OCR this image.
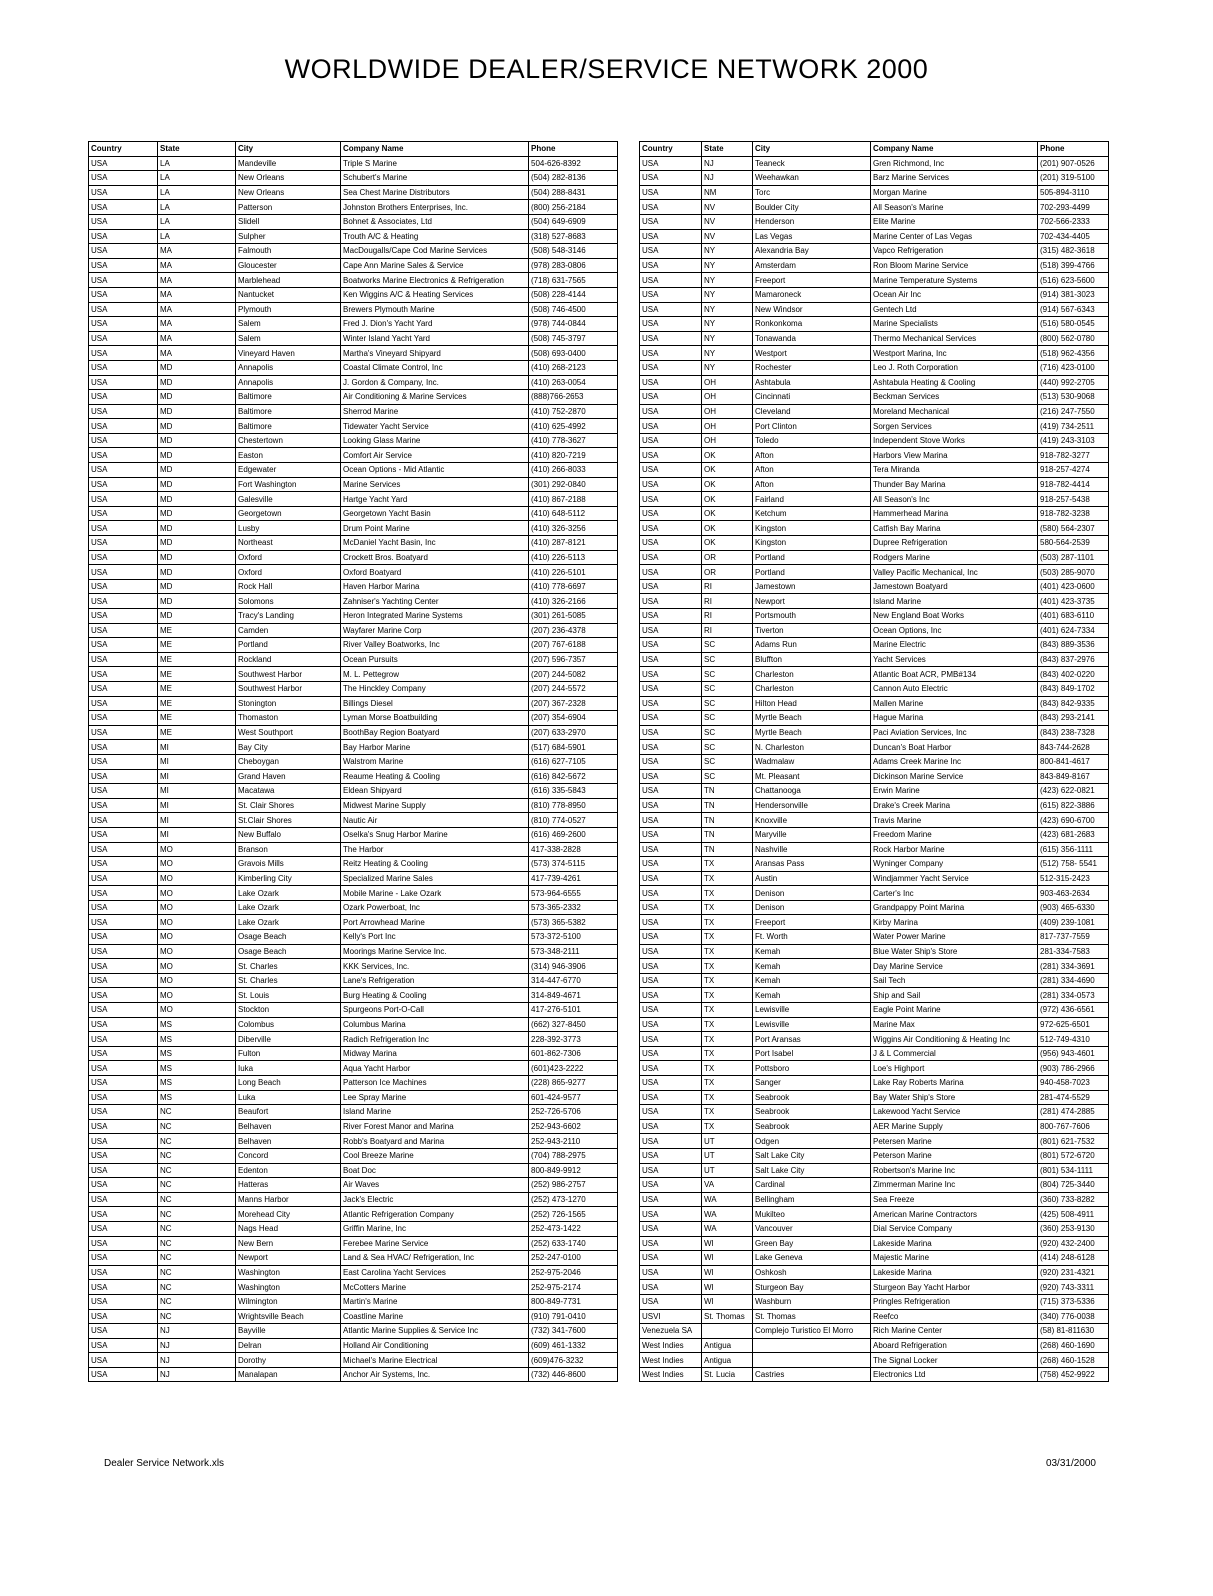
WORLDWIDE DEALER/SERVICE NETWORK 2000
Country	State	City	Company Name	Phone
USA	LA	Mandeville	Triple S Marine	504-626-8392
USA	LA	New Orleans	Schubert's Marine	(504) 282-8136
USA	LA	New Orleans	Sea Chest Marine Distributors	(504) 288-8431
USA	LA	Patterson	Johnston Brothers Enterprises, Inc.	(800) 256-2184
USA	LA	Slidell	Bohnet & Associates, Ltd	(504) 649-6909
USA	LA	Sulpher	Trouth A/C & Heating	(318) 527-8683
USA	MA	Falmouth	MacDougalls/Cape Cod Marine Services	(508) 548-3146
USA	MA	Gloucester	Cape Ann Marine Sales & Service	(978) 283-0806
USA	MA	Marblehead	Boatworks Marine Electronics & Refrigeration	(718) 631-7565
USA	MA	Nantucket	Ken Wiggins A/C & Heating Services	(508) 228-4144
USA	MA	Plymouth	Brewers Plymouth Marine	(508) 746-4500
USA	MA	Salem	Fred J. Dion's Yacht Yard	(978) 744-0844
USA	MA	Salem	Winter Island Yacht Yard	(508) 745-3797
USA	MA	Vineyard Haven	Martha's Vineyard Shipyard	(508) 693-0400
USA	MD	Annapolis	Coastal Climate Control, Inc	(410) 268-2123
USA	MD	Annapolis	J. Gordon & Company, Inc.	(410) 263-0054
USA	MD	Baltimore	Air Conditioning & Marine Services	(888)766-2653
USA	MD	Baltimore	Sherrod Marine	(410) 752-2870
USA	MD	Baltimore	Tidewater Yacht Service	(410) 625-4992
USA	MD	Chestertown	Looking Glass Marine	(410) 778-3627
USA	MD	Easton	Comfort Air Service	(410) 820-7219
USA	MD	Edgewater	Ocean Options - Mid Atlantic	(410) 266-8033
USA	MD	Fort Washington	Marine Services	(301) 292-0840
USA	MD	Galesville	Hartge Yacht Yard	(410) 867-2188
USA	MD	Georgetown	Georgetown Yacht Basin	(410) 648-5112
USA	MD	Lusby	Drum Point Marine	(410) 326-3256
USA	MD	Northeast	McDaniel Yacht Basin, Inc	(410) 287-8121
USA	MD	Oxford	Crockett Bros. Boatyard	(410) 226-5113
USA	MD	Oxford	Oxford Boatyard	(410) 226-5101
USA	MD	Rock Hall	Haven Harbor Marina	(410) 778-6697
USA	MD	Solomons	Zahniser's Yachting Center	(410) 326-2166
USA	MD	Tracy's Landing	Heron Integrated Marine Systems	(301) 261-5085
USA	ME	Camden	Wayfarer Marine Corp	(207) 236-4378
USA	ME	Portland	River Valley Boatworks, Inc	(207) 767-6188
USA	ME	Rockland	Ocean Pursuits	(207) 596-7357
USA	ME	Southwest Harbor	M. L. Pettegrow	(207) 244-5082
USA	ME	Southwest Harbor	The Hinckley Company	(207) 244-5572
USA	ME	Stonington	Billings Diesel	(207) 367-2328
USA	ME	Thomaston	Lyman Morse Boatbuilding	(207) 354-6904
USA	ME	West Southport	BoothBay Region Boatyard	(207) 633-2970
USA	MI	Bay City	Bay Harbor Marine	(517) 684-5901
USA	MI	Cheboygan	Walstrom Marine	(616) 627-7105
USA	MI	Grand Haven	Reaume Heating & Cooling	(616) 842-5672
USA	MI	Macatawa	Eldean Shipyard	(616) 335-5843
USA	MI	St. Clair Shores	Midwest Marine Supply	(810) 778-8950
USA	MI	St.Clair Shores	Nautic Air	(810) 774-0527
USA	MI	New Buffalo	Oselka's Snug Harbor Marine	(616) 469-2600
USA	MO	Branson	The Harbor	417-338-2828
USA	MO	Gravois Mills	Reitz Heating & Cooling	(573) 374-5115
USA	MO	Kimberling City	Specialized Marine Sales	417-739-4261
USA	MO	Lake Ozark	Mobile Marine - Lake Ozark	573-964-6555
USA	MO	Lake Ozark	Ozark Powerboat, Inc	573-365-2332
USA	MO	Lake Ozark	Port Arrowhead Marine	(573) 365-5382
USA	MO	Osage Beach	Kelly's Port Inc	573-372-5100
USA	MO	Osage Beach	Moorings Marine Service Inc.	573-348-2111
USA	MO	St. Charles	KKK Services, Inc.	(314) 946-3906
USA	MO	St. Charles	Lane's Refrigeration	314-447-6770
USA	MO	St. Louis	Burg Heating & Cooling	314-849-4671
USA	MO	Stockton	Spurgeons Port-O-Call	417-276-5101
USA	MS	Colombus	Columbus Marina	(662) 327-8450
USA	MS	Diberville	Radich Refrigeration Inc	228-392-3773
USA	MS	Fulton	Midway Marina	601-862-7306
USA	MS	Iuka	Aqua Yacht Harbor	(601)423-2222
USA	MS	Long Beach	Patterson Ice Machines	(228) 865-9277
USA	MS	Luka	Lee Spray Marine	601-424-9577
USA	NC	Beaufort	Island Marine	252-726-5706
USA	NC	Belhaven	River Forest Manor and Marina	252-943-6602
USA	NC	Belhaven	Robb's Boatyard and Marina	252-943-2110
USA	NC	Concord	Cool Breeze Marine	(704) 788-2975
USA	NC	Edenton	Boat Doc	800-849-9912
USA	NC	Hatteras	Air Waves	(252) 986-2757
USA	NC	Manns Harbor	Jack's Electric	(252) 473-1270
USA	NC	Morehead City	Atlantic Refrigeration Company	(252) 726-1565
USA	NC	Nags Head	Griffin Marine, Inc	252-473-1422
USA	NC	New Bern	Ferebee Marine Service	(252) 633-1740
USA	NC	Newport	Land & Sea HVAC/ Refrigeration, Inc	252-247-0100
USA	NC	Washington	East Carolina Yacht Services	252-975-2046
USA	NC	Washington	McCotters Marine	252-975-2174
USA	NC	Wilmington	Martin's Marine	800-849-7731
USA	NC	Wrightsville Beach	Coastline Marine	(910) 791-0410
USA	NJ	Bayville	Atlantic Marine Supplies & Service Inc	(732) 341-7600
USA	NJ	Delran	Holland Air Conditioning	(609) 461-1332
USA	NJ	Dorothy	Michael's Marine Electrical	(609)476-3232
USA	NJ	Manalapan	Anchor Air Systems, Inc.	(732) 446-8600
Country	State	City	Company Name	Phone
USA	NJ	Teaneck	Gren Richmond, Inc	(201) 907-0526
USA	NJ	Weehawkan	Barz Marine Services	(201) 319-5100
USA	NM	Torc	Morgan Marine	505-894-3110
USA	NV	Boulder City	All Season's Marine	702-293-4499
USA	NV	Henderson	Elite Marine	702-566-2333
USA	NV	Las Vegas	Marine Center of Las Vegas	702-434-4405
USA	NY	Alexandria Bay	Vapco Refrigeration	(315) 482-3618
USA	NY	Amsterdam	Ron Bloom Marine Service	(518) 399-4766
USA	NY	Freeport	Marine Temperature Systems	(516) 623-5600
USA	NY	Mamaroneck	Ocean Air Inc	(914) 381-3023
USA	NY	New Windsor	Gentech Ltd	(914) 567-6343
USA	NY	Ronkonkoma	Marine Specialists	(516) 580-0545
USA	NY	Tonawanda	Thermo Mechanical Services	(800) 562-0780
USA	NY	Westport	Westport Marina, Inc	(518) 962-4356
USA	NY	Rochester	Leo J. Roth Corporation	(716) 423-0100
USA	OH	Ashtabula	Ashtabula Heating & Cooling	(440) 992-2705
USA	OH	Cincinnati	Beckman Services	(513) 530-9068
USA	OH	Cleveland	Moreland Mechanical	(216) 247-7550
USA	OH	Port Clinton	Sorgen Services	(419) 734-2511
USA	OH	Toledo	Independent Stove Works	(419) 243-3103
USA	OK	Afton	Harbors View Marina	918-782-3277
USA	OK	Afton	Tera Miranda	918-257-4274
USA	OK	Afton	Thunder Bay Marina	918-782-4414
USA	OK	Fairland	All Season's Inc	918-257-5438
USA	OK	Ketchum	Hammerhead Marina	918-782-3238
USA	OK	Kingston	Catfish Bay Marina	(580) 564-2307
USA	OK	Kingston	Dupree Refrigeration	580-564-2539
USA	OR	Portland	Rodgers Marine	(503) 287-1101
USA	OR	Portland	Valley Pacific Mechanical, Inc	(503) 285-9070
USA	RI	Jamestown	Jamestown Boatyard	(401) 423-0600
USA	RI	Newport	Island Marine	(401) 423-3735
USA	RI	Portsmouth	New England Boat Works	(401) 683-6110
USA	RI	Tiverton	Ocean Options, Inc	(401) 624-7334
USA	SC	Adams Run	Marine Electric	(843) 889-3536
USA	SC	Bluffton	Yacht Services	(843) 837-2976
USA	SC	Charleston	Atlantic Boat ACR, PMB#134	(843) 402-0220
USA	SC	Charleston	Cannon Auto Electric	(843) 849-1702
USA	SC	Hilton Head	Mallen Marine	(843) 842-9335
USA	SC	Myrtle Beach	Hague Marina	(843) 293-2141
USA	SC	Myrtle Beach	Paci Aviation Services, Inc	(843) 238-7328
USA	SC	N. Charleston	Duncan's Boat Harbor	843-744-2628
USA	SC	Wadmalaw	Adams Creek Marine Inc	800-841-4617
USA	SC	Mt. Pleasant	Dickinson Marine Service	843-849-8167
USA	TN	Chattanooga	Erwin Marine	(423) 622-0821
USA	TN	Hendersonville	Drake's Creek Marina	(615) 822-3886
USA	TN	Knoxville	Travis Marine	(423) 690-6700
USA	TN	Maryville	Freedom Marine	(423) 681-2683
USA	TN	Nashville	Rock Harbor Marine	(615) 356-1111
USA	TX	Aransas Pass	Wyninger Company	(512) 758- 5541
USA	TX	Austin	Windjammer Yacht Service	512-315-2423
USA	TX	Denison	Carter's Inc	903-463-2634
USA	TX	Denison	Grandpappy Point Marina	(903) 465-6330
USA	TX	Freeport	Kirby Marina	(409) 239-1081
USA	TX	Ft. Worth	Water Power Marine	817-737-7559
USA	TX	Kemah	Blue Water Ship's Store	281-334-7583
USA	TX	Kemah	Day Marine Service	(281) 334-3691
USA	TX	Kemah	Sail Tech	(281) 334-4690
USA	TX	Kemah	Ship and Sail	(281) 334-0573
USA	TX	Lewisville	Eagle Point Marine	(972) 436-6561
USA	TX	Lewisville	Marine Max	972-625-6501
USA	TX	Port Aransas	Wiggins Air Conditioning & Heating Inc	512-749-4310
USA	TX	Port Isabel	J & L Commercial	(956) 943-4601
USA	TX	Pottsboro	Loe's Highport	(903) 786-2966
USA	TX	Sanger	Lake Ray Roberts Marina	940-458-7023
USA	TX	Seabrook	Bay Water Ship's Store	281-474-5529
USA	TX	Seabrook	Lakewood Yacht Service	(281) 474-2885
USA	TX	Seabrook	AER Marine Supply	800-767-7606
USA	UT	Odgen	Petersen Marine	(801) 621-7532
USA	UT	Salt Lake City	Peterson Marine	(801) 572-6720
USA	UT	Salt Lake City	Robertson's Marine Inc	(801) 534-1111
USA	VA	Cardinal	Zimmerman Marine Inc	(804) 725-3440
USA	WA	Bellingham	Sea Freeze	(360) 733-8282
USA	WA	Mukilteo	American Marine Contractors	(425) 508-4911
USA	WA	Vancouver	Dial Service Company	(360) 253-9130
USA	WI	Green Bay	Lakeside Marina	(920) 432-2400
USA	WI	Lake Geneva	Majestic Marine	(414) 248-6128
USA	WI	Oshkosh	Lakeside Marina	(920) 231-4321
USA	WI	Sturgeon Bay	Sturgeon Bay Yacht Harbor	(920) 743-3311
USA	WI	Washburn	Pringles Refrigeration	(715) 373-5336
USVI	St. Thomas	St. Thomas	Reefco	(340) 776-0038
Venezuela SA		Complejo Turistico El Morro	Rich Marine Center	(58) 81-811630
West Indies	Antigua		Aboard Refrigeration	(268) 460-1690
West Indies	Antigua		The Signal Locker	(268) 460-1528
West Indies	St. Lucia	Castries	Electronics Ltd	(758) 452-9922
Dealer Service Network.xls	03/31/2000
